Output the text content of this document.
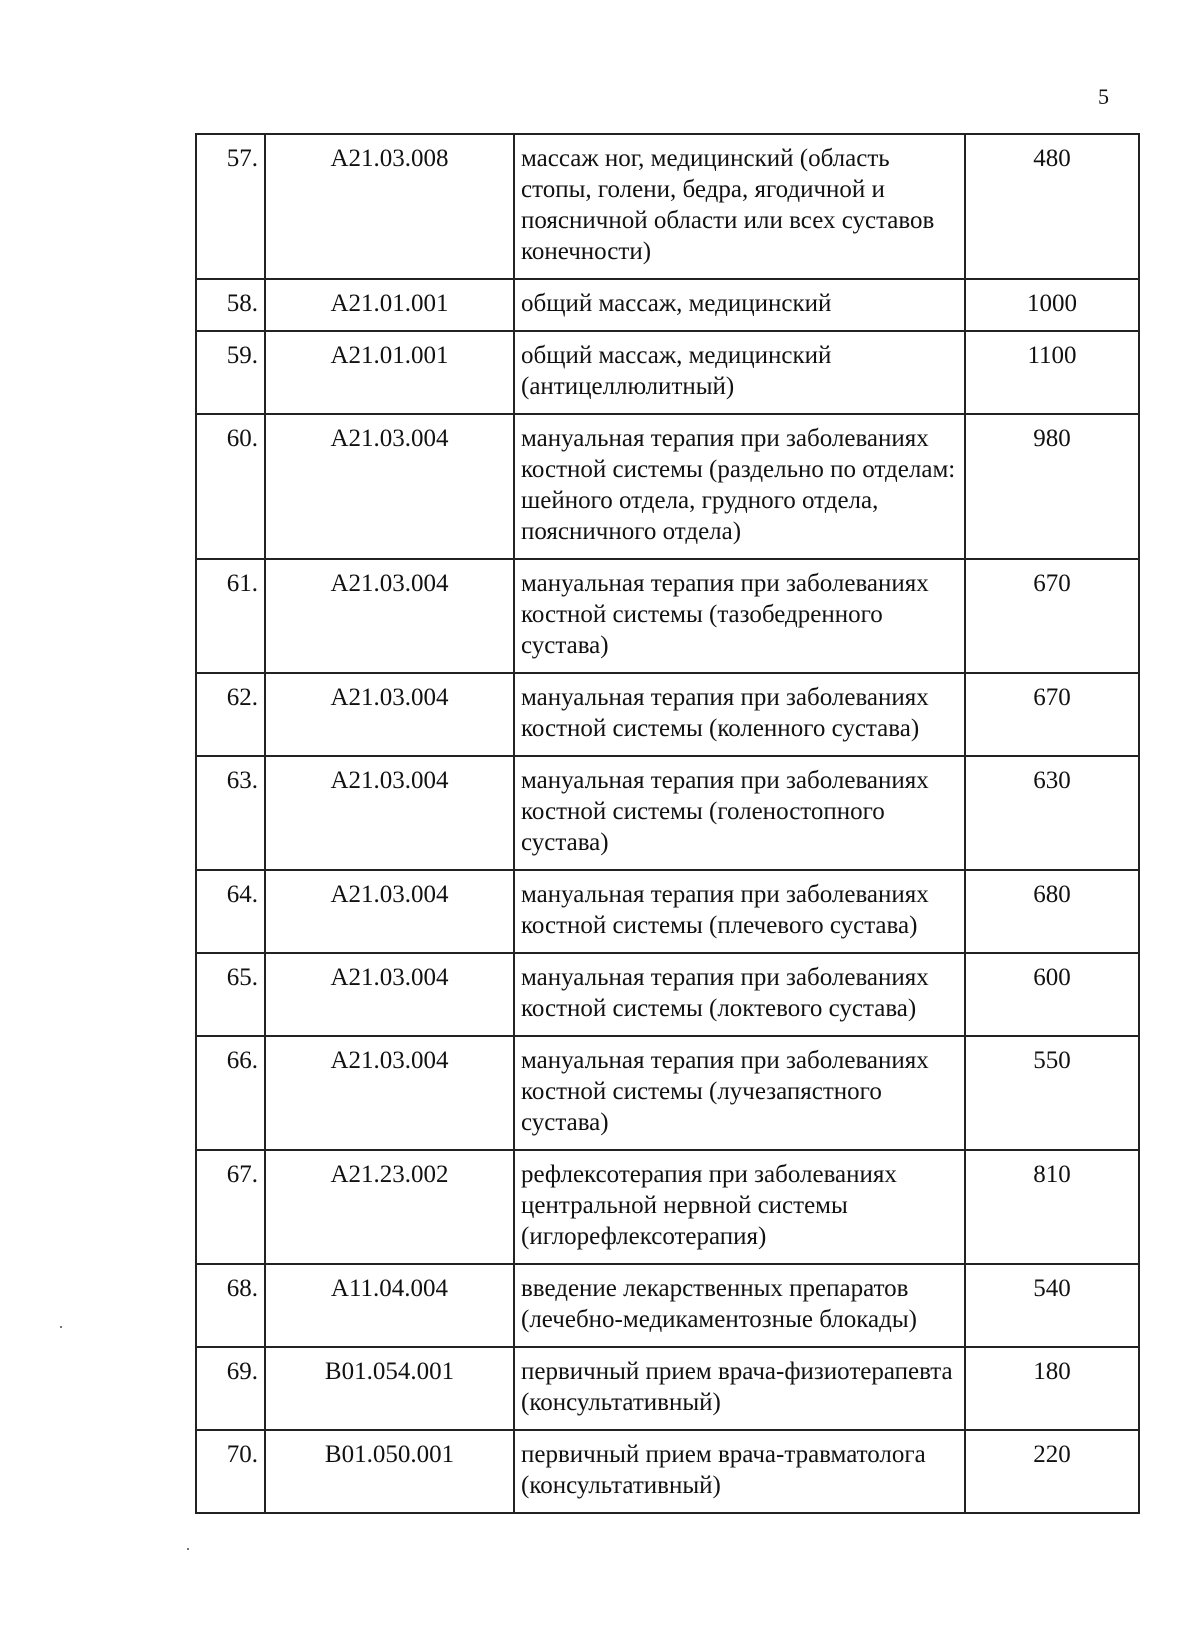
5
57.	A21.03.008	массаж ног, медицинский (область стопы, голени, бедра, ягодичной и поясничной области или всех суставов конечности)	480
58.	A21.01.001	общий массаж, медицинский	1000
59.	A21.01.001	общий массаж, медицинский (антицеллюлитный)	1100
60.	A21.03.004	мануальная терапия при заболеваниях костной системы (раздельно по отделам: шейного отдела, грудного отдела, поясничного отдела)	980
61.	A21.03.004	мануальная терапия при заболеваниях костной системы (тазобедренного сустава)	670
62.	A21.03.004	мануальная терапия при заболеваниях костной системы (коленного сустава)	670
63.	A21.03.004	мануальная терапия при заболеваниях костной системы (голеностопного сустава)	630
64.	A21.03.004	мануальная терапия при заболеваниях костной системы (плечевого сустава)	680
65.	A21.03.004	мануальная терапия при заболеваниях костной системы (локтевого сустава)	600
66.	A21.03.004	мануальная терапия при заболеваниях костной системы (лучезапястного сустава)	550
67.	A21.23.002	рефлексотерапия при заболеваниях центральной нервной системы (иглорефлексотерапия)	810
68.	A11.04.004	введение лекарственных препаратов (лечебно-медикаментозные блокады)	540
69.	B01.054.001	первичный прием врача-физиотерапевта (консультативный)	180
70.	B01.050.001	первичный прием врача-травматолога (консультативный)	220
